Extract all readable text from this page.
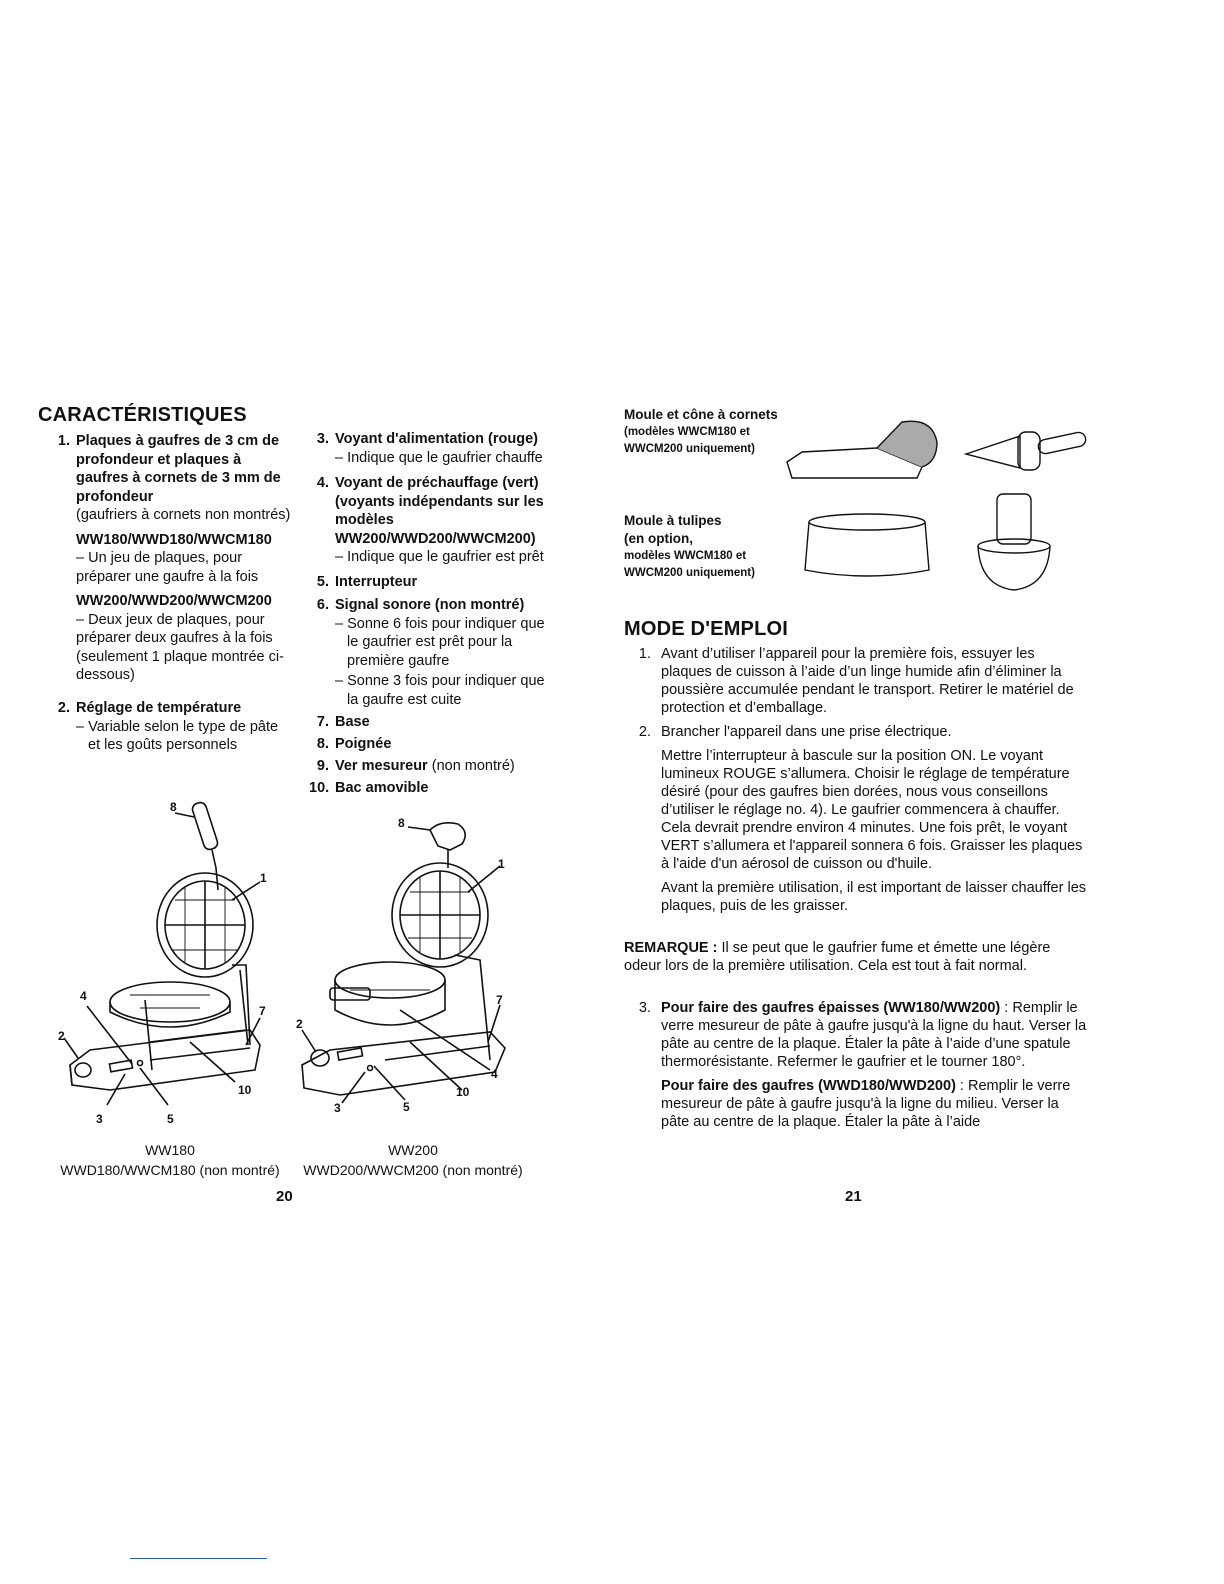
CARACTÉRISTIQUES
1. Plaques à gaufres de 3 cm de profondeur et plaques à gaufres à cornets de 3 mm de profondeur
(gaufriers à cornets non montrés)
WW180/WWD180/WWCM180
– Un jeu de plaques, pour préparer une gaufre à la fois
WW200/WWD200/WWCM200
– Deux jeux de plaques, pour préparer deux gaufres à la fois (seulement 1 plaque montrée ci-dessous)
2. Réglage de température
– Variable selon le type de pâte et les goûts personnels
3. Voyant d'alimentation (rouge)
– Indique que le gaufrier chauffe
4. Voyant de préchauffage (vert) (voyants indépendants sur les modèles WW200/WWD200/WWCM200)
– Indique que le gaufrier est prêt
5. Interrupteur
6. Signal sonore (non montré)
– Sonne 6 fois pour indiquer que le gaufrier est prêt pour la première gaufre
– Sonne 3 fois pour indiquer que la gaufre est cuite
7. Base
8. Poignée
9. Ver mesureur (non montré)
10. Bac amovible
8
1
4
7
2
10
3	5
8
1
7
2
4
10
3	5
WW180
WWD180/WWCM180 (non montré)
WW200
WWD200/WWCM200 (non montré)
20
Moule et cône à cornets
(modèles WWCM180 et WWCM200 uniquement)
Moule à tulipes
(en option,
modèles WWCM180 et WWCM200 uniquement)
MODE D'EMPLOI
1. Avant d’utiliser l’appareil pour la première fois, essuyer les plaques de cuisson à l’aide d’un linge humide afin d’éliminer la poussière accumulée pendant le transport. Retirer le matériel de protection et d’emballage.

2. Brancher l'appareil dans une prise électrique.

Mettre l’interrupteur à bascule sur la position ON. Le voyant lumineux ROUGE s’allumera. Choisir le réglage de température désiré (pour des gaufres bien dorées, nous vous conseillons d’utiliser le réglage no. 4). Le gaufrier commencera à chauffer. Cela devrait prendre environ 4 minutes. Une fois prêt, le voyant VERT s’allumera et l'appareil sonnera 6 fois. Graisser les plaques à l'aide d'un aérosol de cuisson ou d'huile.

Avant la première utilisation, il est important de laisser chauffer les plaques, puis de les graisser.

REMARQUE : Il se peut que le gaufrier fume et émette une légère odeur lors de la première utilisation. Cela est tout à fait normal.

3. Pour faire des gaufres épaisses (WW180/WW200) : Remplir le verre mesureur de pâte à gaufre jusqu'à la ligne du haut. Verser la pâte au centre de la plaque. Étaler la pâte à l’aide d’une spatule thermorésistante. Refermer le gaufrier et le tourner 180°.

Pour faire des gaufres (WWD180/WWD200) : Remplir le verre mesureur de pâte à gaufre jusqu'à la ligne du milieu. Verser la pâte au centre de la plaque. Étaler la pâte à l’aide

21
